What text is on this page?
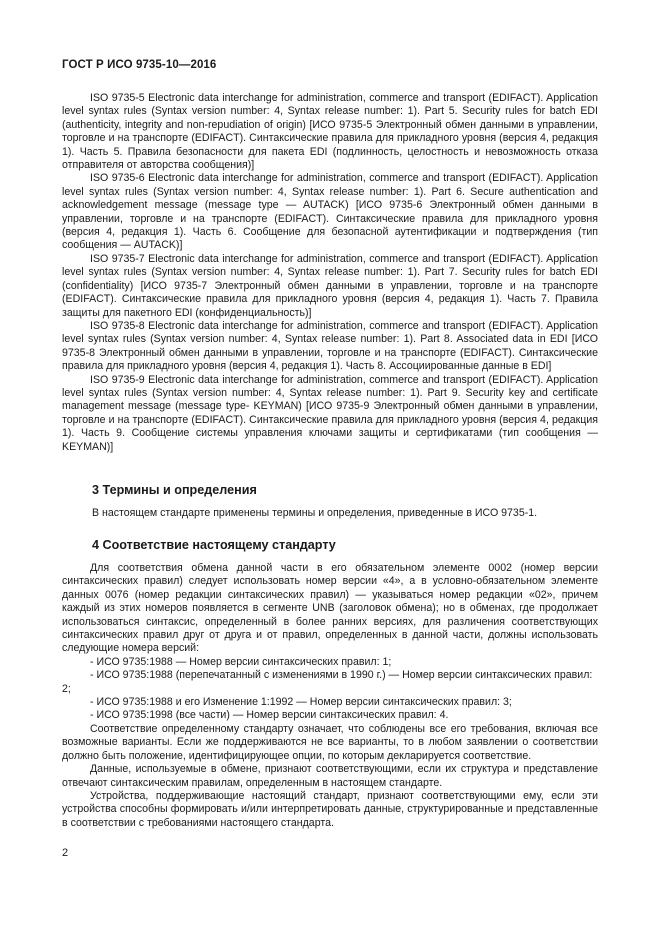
ГОСТ Р ИСО 9735-10—2016

ISO 9735-5 Electronic data interchange for administration, commerce and transport (EDIFACT). Application level syntax rules (Syntax version number: 4, Syntax release number: 1). Part 5. Security rules for batch EDI (authenticity, integrity and non-repudiation of origin) [ИСО 9735-5 Электронный обмен данными в управлении, торговле и на транспорте (EDIFACT). Синтаксические правила для прикладного уровня (версия 4, редакция 1). Часть 5. Правила безопасности для пакета EDI (подлинность, целостность и невозможность отказа отправителя от авторства сообщения)]

ISO 9735-6 Electronic data interchange for administration, commerce and transport (EDIFACT). Application level syntax rules (Syntax version number: 4, Syntax release number: 1). Part 6. Secure authentication and acknowledgement message (message type — AUTACK) [ИСО 9735-6 Электронный обмен данными в управлении, торговле и на транспорте (EDIFACT). Синтаксические правила для прикладного уровня (версия 4, редакция 1). Часть 6. Сообщение для безопасной аутентификации и подтверждения (тип сообщения — AUTACK)]

ISO 9735-7 Electronic data interchange for administration, commerce and transport (EDIFACT). Application level syntax rules (Syntax version number: 4, Syntax release number: 1). Part 7. Security rules for batch EDI (confidentiality) [ИСО 9735-7 Электронный обмен данными в управлении, торговле и на транспорте (EDIFACT). Синтаксические правила для прикладного уровня (версия 4, редакция 1). Часть 7. Правила защиты для пакетного EDI (конфиденциальность)]

ISO 9735-8 Electronic data interchange for administration, commerce and transport (EDIFACT). Application level syntax rules (Syntax version number: 4, Syntax release number: 1). Part 8. Associated data in EDI [ИСО 9735-8 Электронный обмен данными в управлении, торговле и на транспорте (EDIFACT). Синтаксические правила для прикладного уровня (версия 4, редакция 1). Часть 8. Ассоциированные данные в EDI]

ISO 9735-9 Electronic data interchange for administration, commerce and transport (EDIFACT). Application level syntax rules (Syntax version number: 4, Syntax release number: 1). Part 9. Security key and certificate management message (message type- KEYMAN) [ИСО 9735-9 Электронный обмен данными в управлении, торговле и на транспорте (EDIFACT). Синтаксические правила для прикладного уровня (версия 4, редакция 1). Часть 9. Сообщение системы управления ключами защиты и сертификатами (тип сообщения — KEYMAN)]

3 Термины и определения

В настоящем стандарте применены термины и определения, приведенные в ИСО 9735-1.

4 Соответствие настоящему стандарту

Для соответствия обмена данной части в его обязательном элементе 0002 (номер версии синтаксических правил) следует использовать номер версии «4», а в условно-обязательном элементе данных 0076 (номер редакции синтаксических правил) — указываться номер редакции «02», причем каждый из этих номеров появляется в сегменте UNB (заголовок обмена); но в обменах, где продолжает использоваться синтаксис, определенный в более ранних версиях, для различения соответствующих синтаксических правил друг от друга и от правил, определенных в данной части, должны использовать следующие номера версий:

- ИСО 9735:1988 — Номер версии синтаксических правил: 1;

- ИСО 9735:1988 (перепечатанный с изменениями в 1990 г.) — Номер версии синтаксических правил: 2;

- ИСО 9735:1988 и его Изменение 1:1992 — Номер версии синтаксических правил: 3;

- ИСО 9735:1998 (все части) — Номер версии синтаксических правил: 4.

Соответствие определенному стандарту означает, что соблюдены все его требования, включая все возможные варианты. Если же поддерживаются не все варианты, то в любом заявлении о соответствии должно быть положение, идентифицирующее опции, по которым декларируется соответствие.

Данные, используемые в обмене, признают соответствующими, если их структура и представление отвечают синтаксическим правилам, определенным в настоящем стандарте.

Устройства, поддерживающие настоящий стандарт, признают соответствующими ему, если эти устройства способны формировать и/или интерпретировать данные, структурированные и представленные в соответствии с требованиями настоящего стандарта.

2
